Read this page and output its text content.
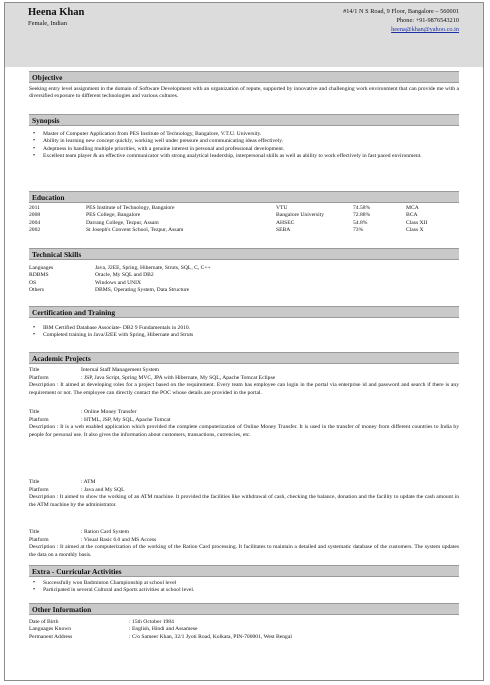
Heena Khan
Female, Indian
#14/1 N S Road, 9 Floor, Bangalore – 560001
Phone: +91-9876543210
heena@khan@yahoo.co.in
Objective
Seeking entry level assignment in the domain of Software Development with an organization of repute, supported by innovative and challenging work environment that can provide me with a diversified exposure to different technologies and various cultures.
Synopsis
• Master of Computer Application from PES Institute of Technology, Bangalore, V.T.U. University.
• Ability in learning new concept quickly, working well under pressure and communicating ideas effectively.
• Adeptness in handling multiple priorities, with a genuine interest in personal and professional development.
• Excellent team player & an effective communicator with strong analytical leadership, interpersonal skills as well as ability to work effectively in fast paced environment.
Education
2011	PES Institute of Technology, Bangalore	VTU	74.58%	MCA
2008	PES College, Bangalore	Bangalore University	72.88%	BCA
2004	Darrang College, Tezpur, Assam	AHSEC	54.8%	Class XII
2002	St Joseph's Convent School, Tezpur, Assam	SEBA	73%	Class X
Technical Skills
Languages	Java, J2EE, Spring, Hibernate, Struts, SQL, C, C++
RDBMS	Oracle, My SQL and DB2
OS	Windows and UNIX
Others	DBMS, Operating System, Data Structure
Certification and Training
• IBM Certified Database Associate- DB2 9 Fundamentals in 2010.
• Completed training in Java/J2EE with Spring, Hibernate and Struts
Academic Projects
Title	Internal Staff Management System
Platform	: JSP, Java Script, Spring MVC, JPA with Hibernate, My SQL, Apache Tomcat Eclipse
Description : It aimed at developing roles for a project based on the requirement. Every team has employee can login in the portal via enterprise id and password and search if there is any requirement or not. The employee can directly contact the POC whose details are provided in the portal.
Title	: Online Money Transfer
Platform	: HTML, JSP, My SQL, Apache Tomcat
Description : It is a web enabled application which provided the complete computerization of Online Money Transfer. It is used in the transfer of money from different countries to India by people for personal use. It also gives the information about customers, transactions, currencies, etc.
Title	: ATM
Platform	: Java and My SQL
Description : It aimed to show the working of an ATM machine. It provided the facilities like withdrawal of cash, checking the balance, donation and the facility to update the cash amount in the ATM machine by the administrator.
Title	: Ration Card System
Platform	: Visual Basic 6.0 and MS Access
Description : It aimed at the computerization of the working of the Ration Card processing. It facilitates to maintain a detailed and systematic database of the customers. The system updates the data on a monthly basis.
Extra - Curricular Activities
• Successfully won Badminton Championship at school level
• Participated in several Cultural and Sports activities at school level.
Other Information
Date of Birth	: 15th October 1984
Languages Known	: English, Hindi and Assamese
Permanent Address	: C/o Sameer Khan, 32/1 Jyoti Road, Kolkata, PIN-700001, West Bengal
